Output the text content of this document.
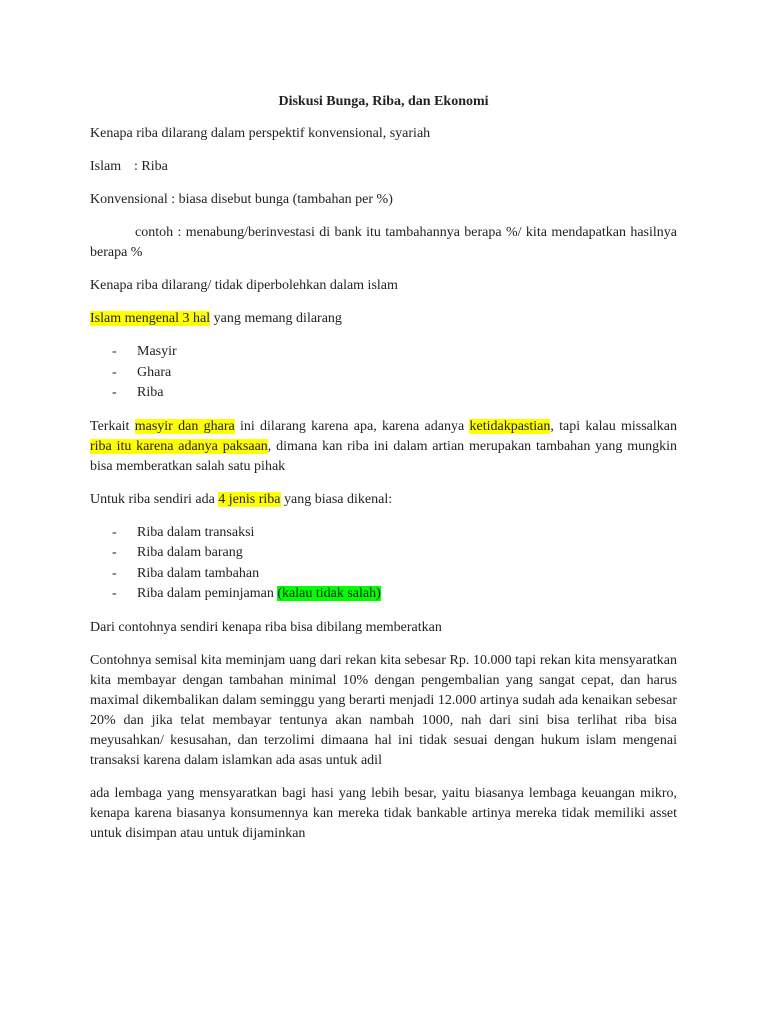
Diskusi Bunga, Riba, dan Ekonomi

Kenapa riba dilarang dalam perspektif konvensional, syariah

Islam : Riba

Konvensional : biasa disebut bunga (tambahan per %)

contoh : menabung/berinvestasi di bank itu tambahannya berapa %/ kita mendapatkan hasilnya berapa %

Kenapa riba dilarang/ tidak diperbolehkan dalam islam

Islam mengenal 3 hal yang memang dilarang

- Masyir
- Ghara
- Riba

Terkait masyir dan ghara ini dilarang karena apa, karena adanya ketidakpastian, tapi kalau missalkan riba itu karena adanya paksaan, dimana kan riba ini dalam artian merupakan tambahan yang mungkin bisa memberatkan salah satu pihak

Untuk riba sendiri ada 4 jenis riba yang biasa dikenal:

- Riba dalam transaksi
- Riba dalam barang
- Riba dalam tambahan
- Riba dalam peminjaman (kalau tidak salah)

Dari contohnya sendiri kenapa riba bisa dibilang memberatkan

Contohnya semisal kita meminjam uang dari rekan kita sebesar Rp. 10.000 tapi rekan kita mensyaratkan kita membayar dengan tambahan minimal 10% dengan pengembalian yang sangat cepat, dan harus maximal dikembalikan dalam seminggu yang berarti menjadi 12.000 artinya sudah ada kenaikan sebesar 20% dan jika telat membayar tentunya akan nambah 1000, nah dari sini bisa terlihat riba bisa meyusahkan/ kesusahan, dan terzolimi dimaana hal ini tidak sesuai dengan hukum islam mengenai transaksi karena dalam islamkan ada asas untuk adil

ada lembaga yang mensyaratkan bagi hasi yang lebih besar, yaitu biasanya lembaga keuangan mikro, kenapa karena biasanya konsumennya kan mereka tidak bankable artinya mereka tidak memiliki asset untuk disimpan atau untuk dijaminkan
